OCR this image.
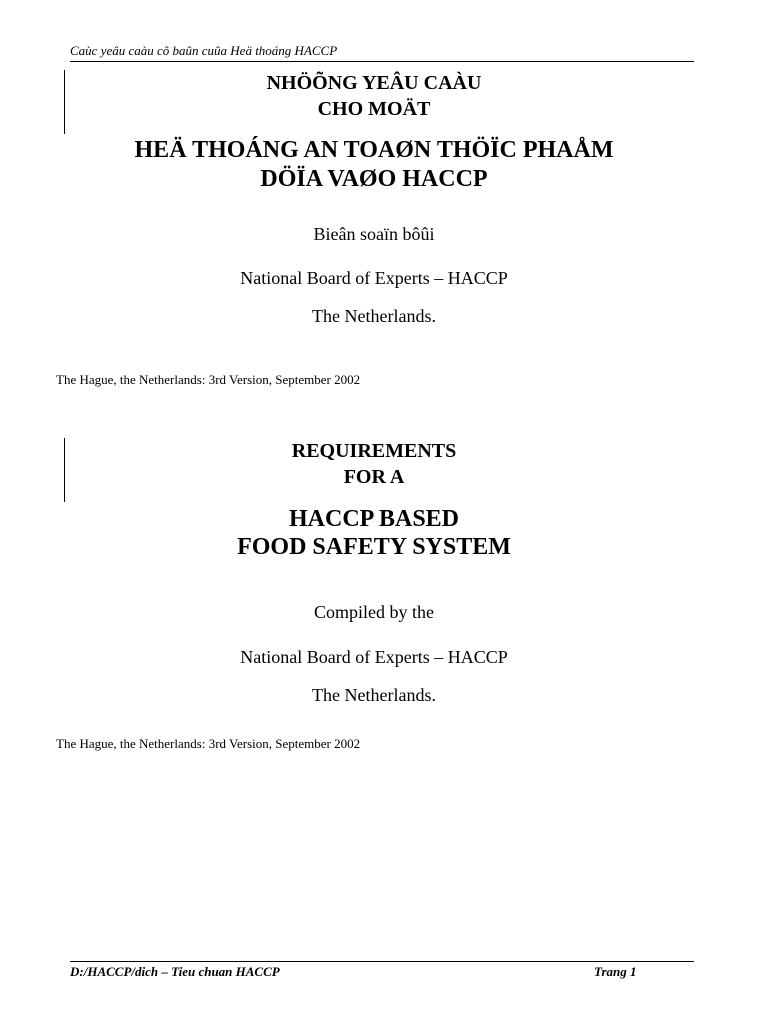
Caùc yeâu caàu cô baûn cuûa Heä thoáng HACCP
NHÖÕNG YEÂU CAÀU
CHO MOÄT
HEÄ THOÁNG AN TOAØN THÖÏC PHAÅM
DÖÏA VAØO HACCP
Bieân soaïn bôûi
National Board of Experts – HACCP
The Netherlands.
The Hague, the Netherlands: 3rd Version, September 2002
REQUIREMENTS
FOR A
HACCP BASED
FOOD SAFETY SYSTEM
Compiled by the
National Board of Experts – HACCP
The Netherlands.
The Hague, the Netherlands: 3rd Version, September 2002
D:/HACCP/dich – Tieu chuan HACCP	Trang 1
